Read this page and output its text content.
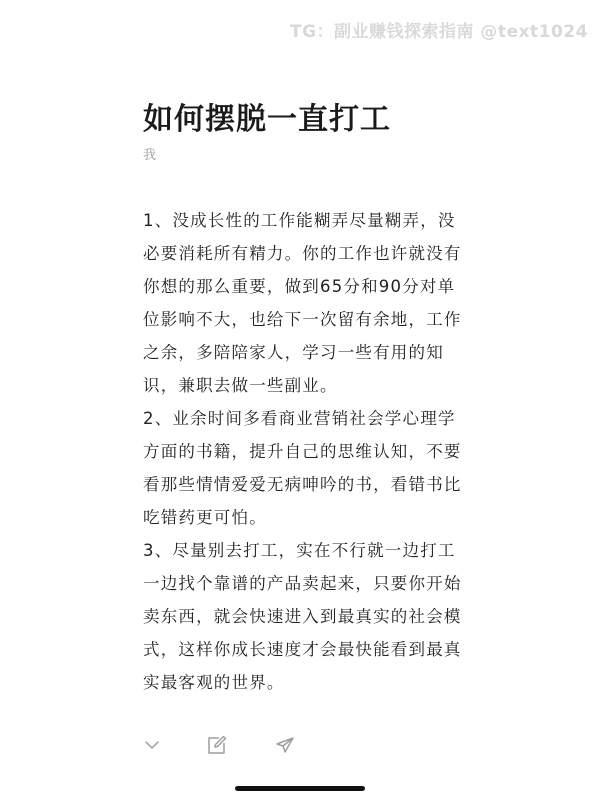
TG：副业赚钱探索指南 @text1024
如何摆脱一直打工
我
1、没成长性的工作能糊弄尽量糊弄，没必要消耗所有精力。你的工作也许就没有你想的那么重要，做到65分和90分对单位影响不大，也给下一次留有余地，工作之余，多陪陪家人，学习一些有用的知识，兼职去做一些副业。
2、业余时间多看商业营销社会学心理学方面的书籍，提升自己的思维认知，不要看那些情情爱爱无病呻吟的书，看错书比吃错药更可怕。
3、尽量别去打工，实在不行就一边打工一边找个靠谱的产品卖起来，只要你开始卖东西，就会快速进入到最真实的社会模式，这样你成长速度才会最快能看到最真实最客观的世界。
